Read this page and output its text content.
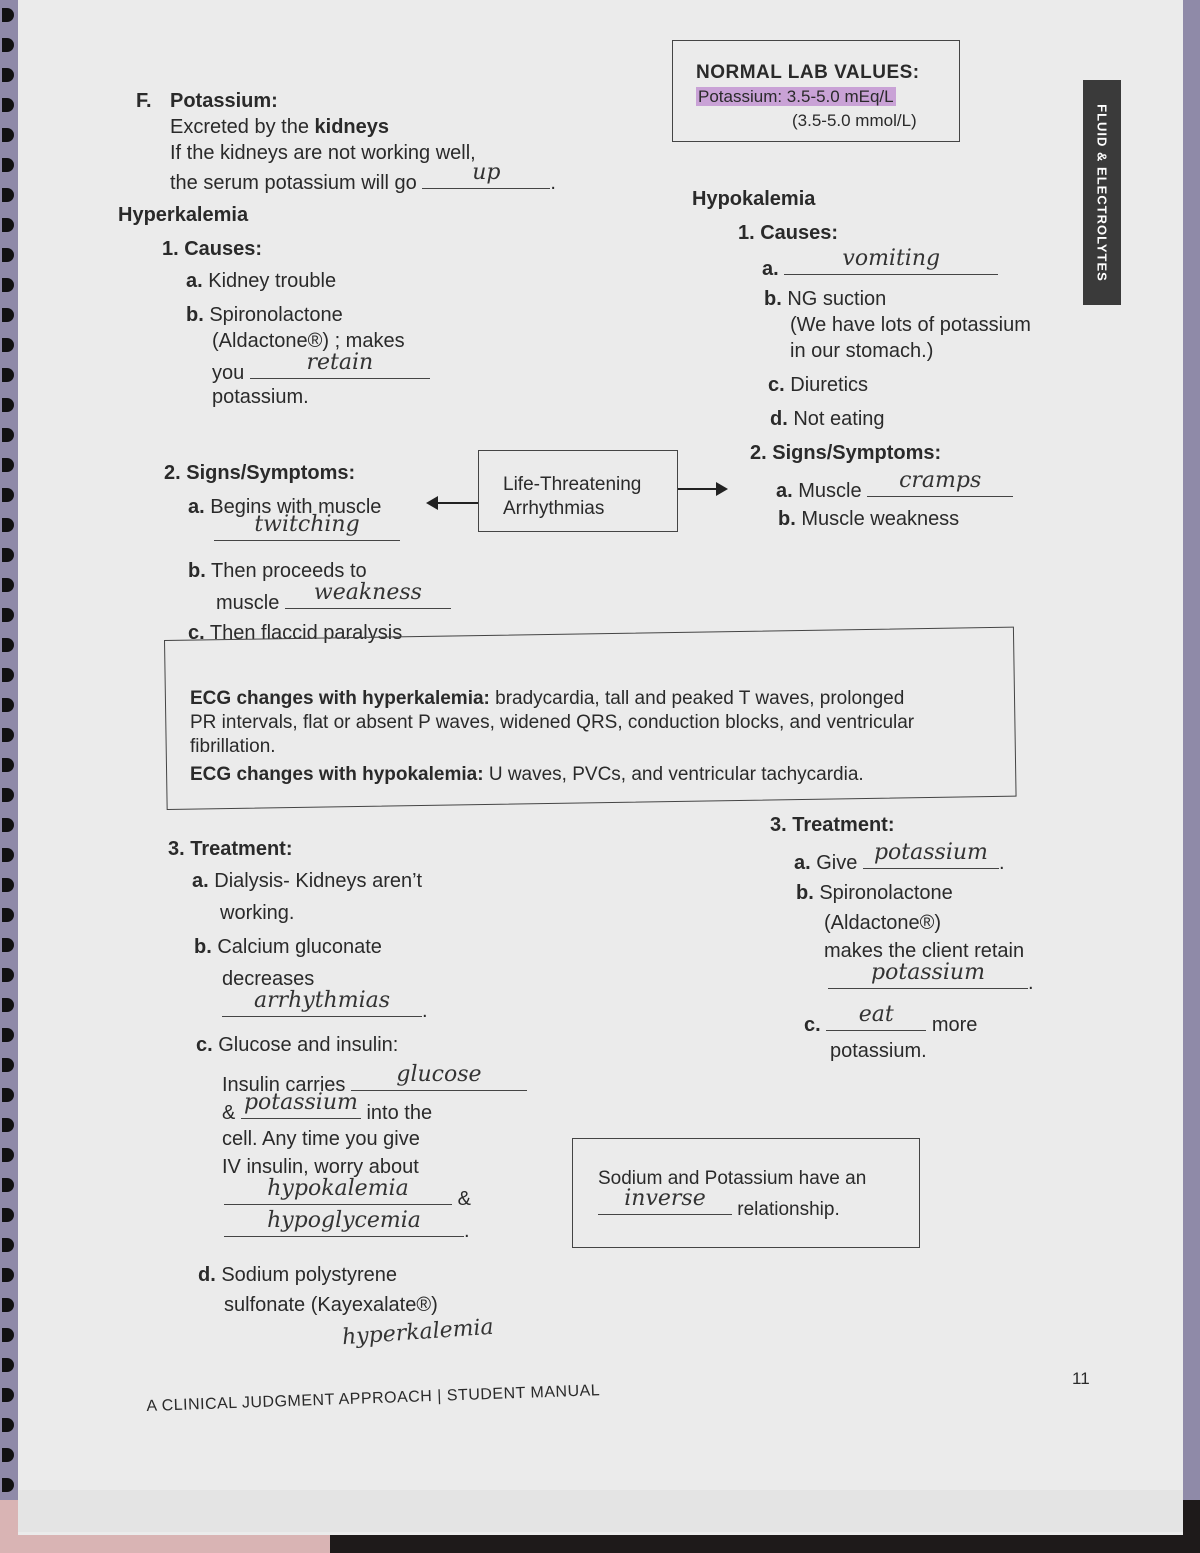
FLUID & ELECTROLYTES
NORMAL LAB VALUES:
Potassium: 3.5-5.0 mEq/L
(3.5-5.0 mmol/L)
F. Potassium:
Excreted by the kidneys
If the kidneys are not working well,
the serum potassium will go	up	.
Hyperkalemia
1. Causes:
a. Kidney trouble
b. Spironolactone
(Aldactone®) ; makes
you	retain
potassium.
2. Signs/Symptoms:
a. Begins with muscle
twitching
b. Then proceeds to
muscle	weakness
c. Then flaccid paralysis
Life-Threatening
Arrhythmias
Hypokalemia
1. Causes:
a.	vomiting
b. NG suction
(We have lots of potassium
in our stomach.)
c. Diuretics
d. Not eating
2. Signs/Symptoms:
a. Muscle	cramps
b. Muscle weakness
ECG changes with hyperkalemia: bradycardia, tall and peaked T waves, prolonged
PR intervals, flat or absent P waves, widened QRS, conduction blocks, and ventricular
fibrillation.
ECG changes with hypokalemia: U waves, PVCs, and ventricular tachycardia.
3. Treatment:
a. Dialysis- Kidneys aren’t
working.
b. Calcium gluconate
decreases
arrhythmias	.
c. Glucose and insulin:
Insulin carries	glucose
& potassium into the
cell. Any time you give
IV insulin, worry about
hypokalemia	&
hypoglycemia	.
d. Sodium polystyrene
sulfonate (Kayexalate®)
hyperkalemia
3. Treatment:
a. Give potassium .
b. Spironolactone
(Aldactone®)
makes the client retain
potassium	.
c.	eat	more
potassium.
Sodium and Potassium have an
inverse	relationship.
A CLINICAL JUDGMENT APPROACH | STUDENT MANUAL
11
